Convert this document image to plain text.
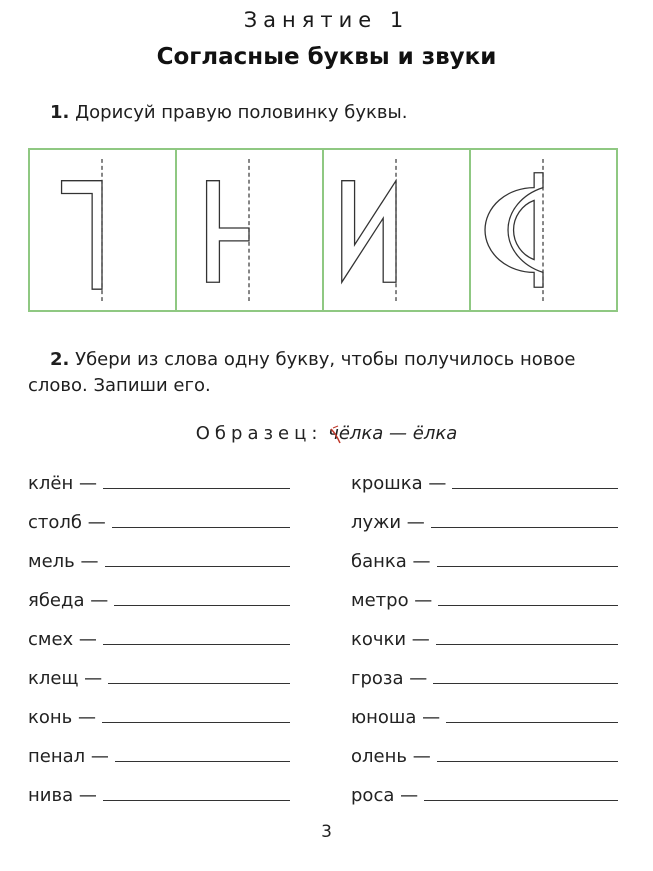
Занятие 1
Согласные буквы и звуки
1. Дорисуй правую половинку буквы.
2. Убери из слова одну букву, чтобы получилось новое слово. Запиши его.
Образец: чёлка — ёлка
клён —
столб —
мель —
ябеда —
смех —
клещ —
конь —
пенал —
нива —
крошка —
лужи —
банка —
метро —
кочки —
гроза —
юноша —
олень —
роса —
3
